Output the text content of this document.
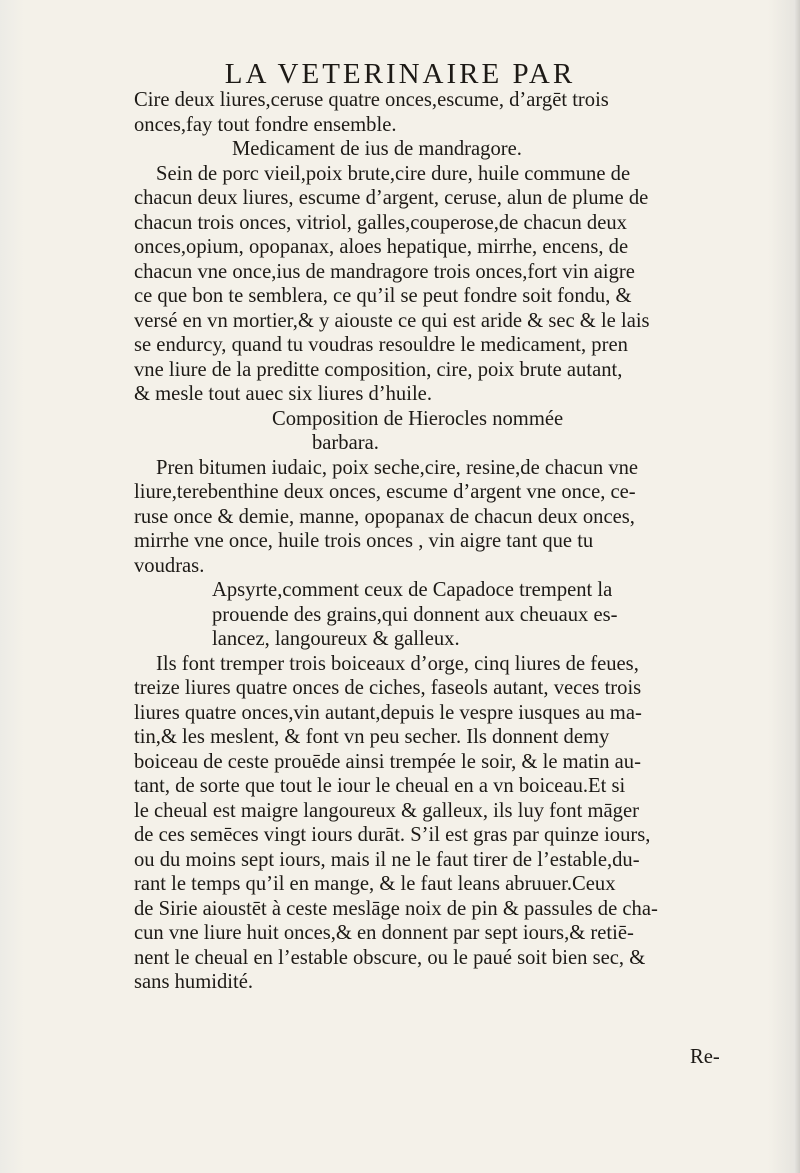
LA VETERINAIRE PAR
Cire deux liures,ceruse quatre onces,escume, d’argēt trois
onces,fay tout fondre ensemble.
Medicament de ius de mandragore.
Sein de porc vieil,poix brute,cire dure, huile commune de
chacun deux liures, escume d’argent, ceruse, alun de plume de
chacun trois onces, vitriol, galles,couperose,de chacun deux
onces,opium, opopanax, aloes hepatique, mirrhe, encens, de
chacun vne once,ius de mandragore trois onces,fort vin aigre
ce que bon te semblera, ce qu’il se peut fondre soit fondu, &
versé en vn mortier,& y aiouste ce qui est aride & sec & le lais
se endurcy, quand tu voudras resouldre le medicament, pren
vne liure de la preditte composition, cire, poix brute autant,
& mesle tout auec six liures d’huile.
Composition de Hierocles nommée
barbara.
Pren bitumen iudaic, poix seche,cire, resine,de chacun vne
liure,terebenthine deux onces, escume d’argent vne once, ce-
ruse once & demie, manne, opopanax de chacun deux onces,
mirrhe vne once, huile trois onces , vin aigre tant que tu
voudras.
Apsyrte,comment ceux de Capadoce trempent la
prouende des grains,qui donnent aux cheuaux es-
lancez, langoureux & galleux.
Ils font tremper trois boiceaux d’orge, cinq liures de feues,
treize liures quatre onces de ciches, faseols autant, veces trois
liures quatre onces,vin autant,depuis le vespre iusques au ma-
tin,& les meslent, & font vn peu secher. Ils donnent demy
boiceau de ceste prouēde ainsi trempée le soir, & le matin au-
tant, de sorte que tout le iour le cheual en a vn boiceau.Et si
le cheual est maigre langoureux & galleux, ils luy font māger
de ces semēces vingt iours durāt. S’il est gras par quinze iours,
ou du moins sept iours, mais il ne le faut tirer de l’estable,du-
rant le temps qu’il en mange, & le faut leans abruuer.Ceux
de Sirie aioustēt à ceste meslāge noix de pin & passules de cha-
cun vne liure huit onces,& en donnent par sept iours,& retiē-
nent le cheual en l’estable obscure, ou le paué soit bien sec, &
sans humidité.
Re-
